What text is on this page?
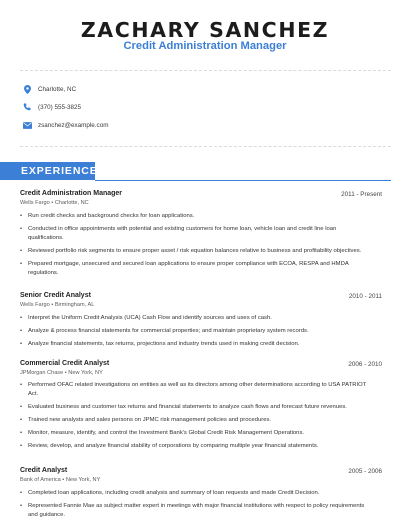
ZACHARY SANCHEZ
Credit Administration Manager
Charlotte, NC
(370) 555-3825
zsanchez@example.com
EXPERIENCE
Credit Administration Manager	2011 - Present
Wells Fargo • Charlotte, NC
• Run credit checks and background checks for loan applications.
• Conducted in office appointments with potential and existing customers for home loan, vehicle loan and credit line loan qualifications.
• Reviewed portfolio risk segments to ensure proper asset / risk equation balances relative to business and profitability objectives.
• Prepared mortgage, unsecured and secured loan applications to ensure proper compliance with ECOA, RESPA and HMDA regulations.
Senior Credit Analyst	2010 - 2011
Wells Fargo • Birmingham, AL
• Interpret the Uniform Credit Analysis (UCA) Cash Flow and identify sources and uses of cash.
• Analyze & process financial statements for commercial properties; and maintain proprietary system records.
• Analyze financial statements, tax returns, projections and industry trends used in making credit decision.
Commercial Credit Analyst	2006 - 2010
JPMorgan Chase • New York, NY
• Performed OFAC related investigations on entities as well as its directors among other determinations according to USA PATRIOT Act.
• Evaluated business and customer tax returns and financial statements to analyze cash flows and forecast future revenues.
• Trained new analysts and sales persons on JPMC risk management policies and procedures.
• Monitor, measure, identify, and control the Investment Bank's Global Credit Risk Management Operations.
• Review, develop, and analyze financial stability of corporations by comparing multiple year financial statements.
Credit Analyst	2005 - 2006
Bank of America • New York, NY
• Completed loan applications, including credit analysis and summary of loan requests and made Credit Decision.
• Represented Fannie Mae as subject matter expert in meetings with major financial institutions with respect to policy requirements and guidance.
